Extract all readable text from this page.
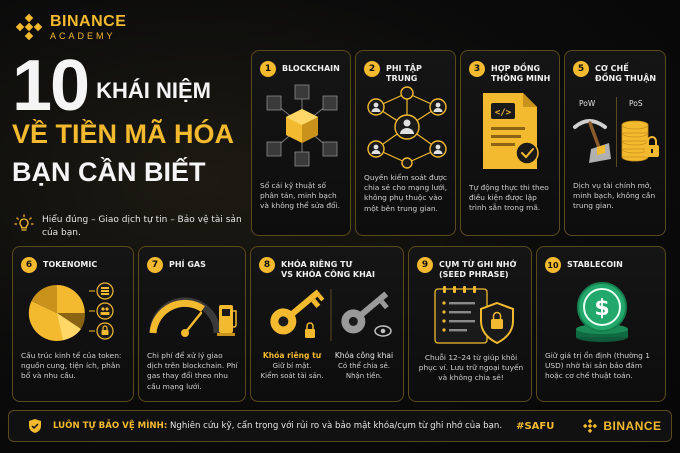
BINANCE
ACADEMY
10 KHÁI NIỆM
VỀ TIỀN MÃ HÓA
BẠN CẦN BIẾT
Hiểu đúng – Giao dịch tự tin – Bảo vệ tài sản của bạn.
1	BLOCKCHAIN
Sổ cái kỹ thuật số phân tán, minh bạch và không thể sửa đổi.
2	PHI TẬP TRUNG
Quyền kiểm soát được chia sẻ cho mạng lưới, không phụ thuộc vào một bên trung gian.
3	HỢP ĐỒNG
THÔNG MINH
</>
Tự động thực thi theo điều kiện được lập trình sẵn trong mã.
5	CƠ CHẾ
ĐỒNG THUẬN
PoW	PoS
Dịch vụ tài chính mở, minh bạch, không cần trung gian.
6	TOKENOMIC
Cấu trúc kinh tế của token: nguồn cung, tiện ích, phân bổ và nhu cầu.
7	PHÍ GAS
Chi phí để xử lý giao dịch trên blockchain. Phí gas thay đổi theo nhu cầu mạng lưới.
8	KHÓA RIÊNG TƯ
VS KHÓA CÔNG KHAI
Khóa riêng tư
Giữ bí mật.
Kiểm soát tài sản.
Khóa công khai
Có thể chia sẻ.
Nhận tiền.
9	CỤM TỪ GHI NHỚ
(SEED PHRASE)
Chuỗi 12–24 từ giúp khôi phục ví. Lưu trữ ngoại tuyến và không chia sẻ!
10	STABLECOIN
$
Giữ giá trị ổn định (thường 1 USD) nhờ tài sản bảo đảm hoặc cơ chế thuật toán.
LUÔN TỰ BẢO VỆ MÌNH: Nghiên cứu kỹ, cẩn trọng với rủi ro và bảo mật khóa/cụm từ ghi nhớ của bạn. #SAFU	BINANCE
